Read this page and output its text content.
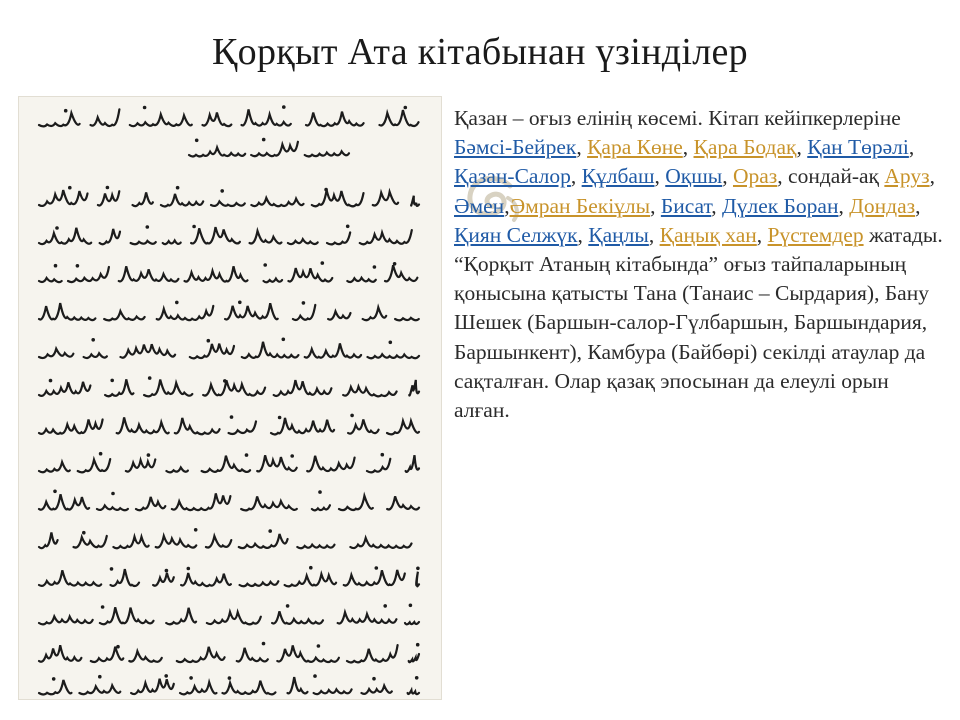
Қорқыт Ата кітабынан үзінділер
Қазан – оғыз елінің көсемі. Кітап кейіпкерлеріне Бәмсі-Бейрек, Қара Көне, Қара Бодақ, Қан Төрәлі, Қазан-Салор, Құлбаш, Оқшы, Ораз, сондай-ақ Аруз, Әмен,Әмран Бекіұлы, Бисат, Дүлек Боран, Дондаз, Қиян Селжүк, Қаңлы, Қаңық хан, Рүстемдер жатады. “Қорқыт Атаның кітабында” оғыз тайпаларының қонысына қатысты Тана (Танаис – Сырдария), Бану Шешек (Баршын-салор-Гүлбаршын, Баршындария, Баршынкент), Камбура (Байбөрі) секілді атаулар да сақталған. Олар қазақ эпосынан да елеулі орын алған.
